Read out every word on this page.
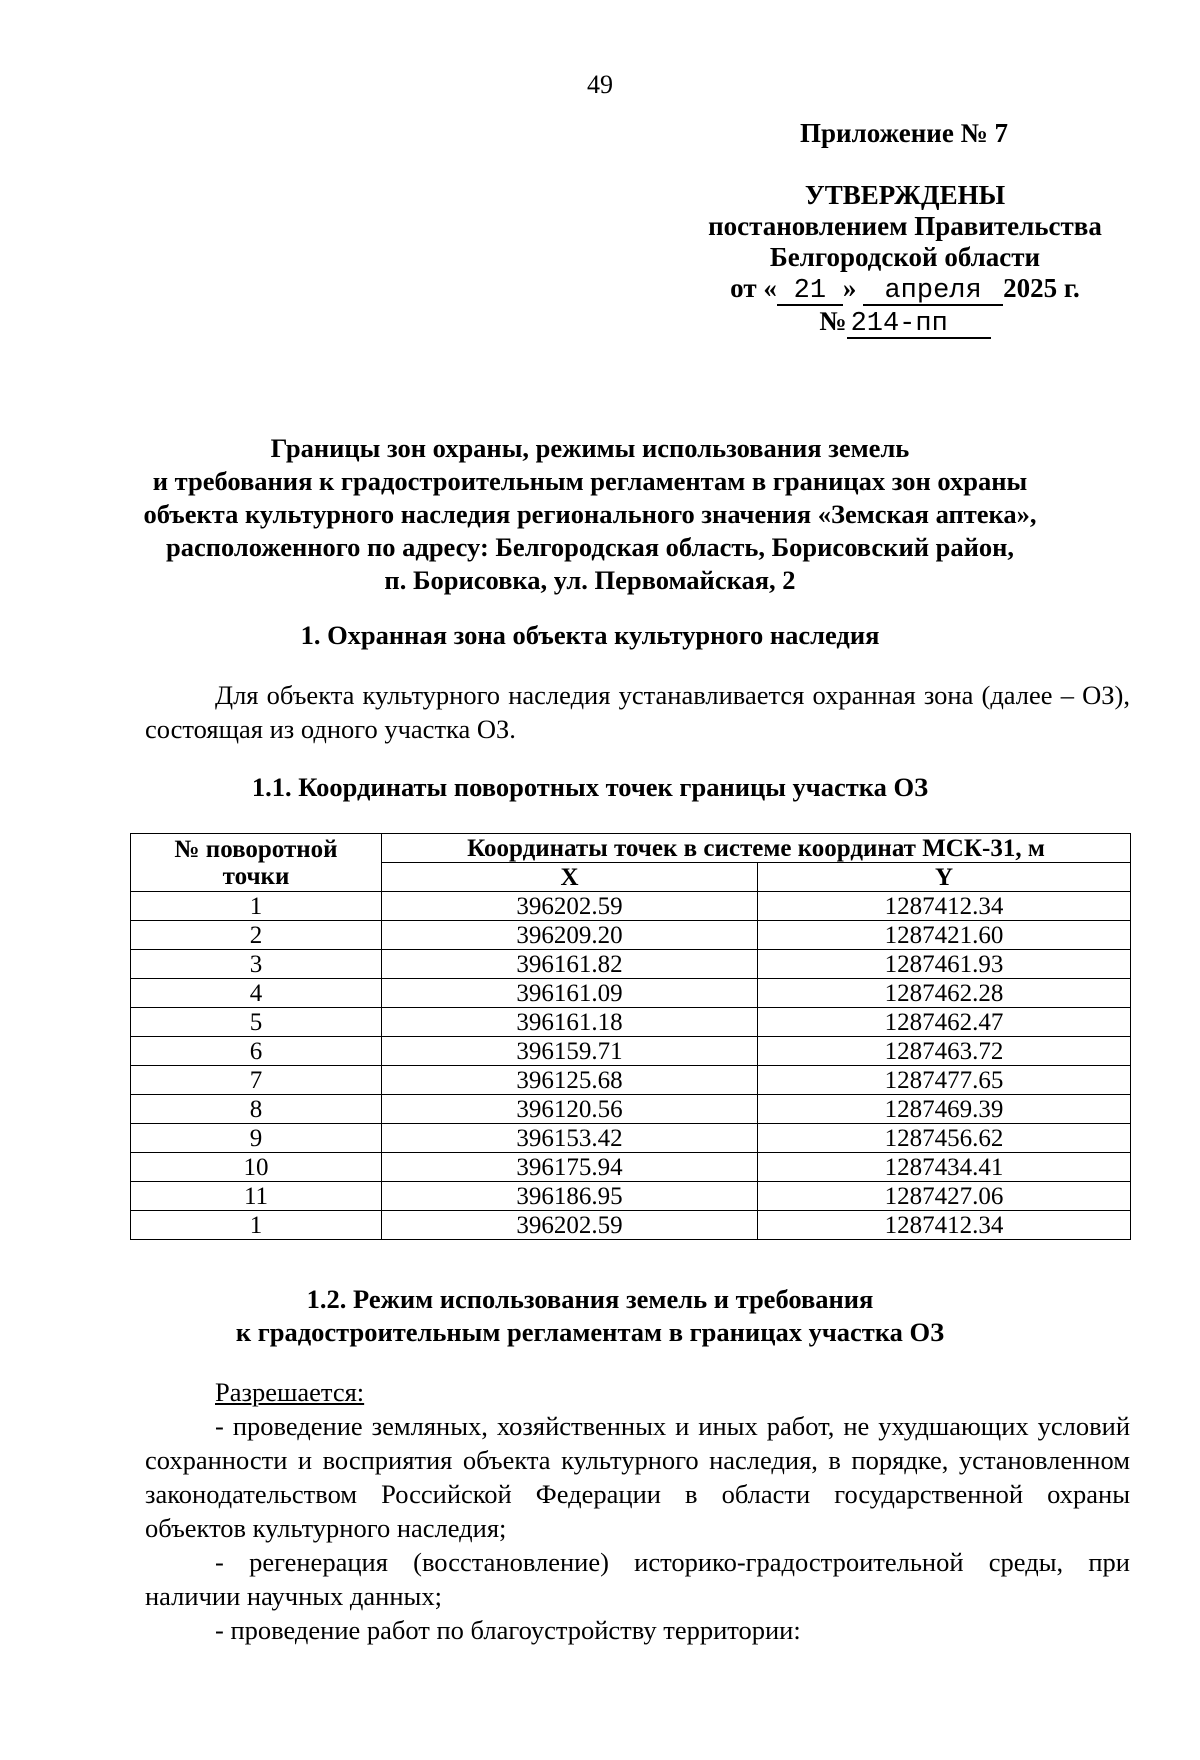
49
Приложение № 7
УТВЕРЖДЕНЫ
постановлением Правительства
Белгородской области
от « 21 » апреля 2025 г.
№ 214-пп
Границы зон охраны, режимы использования земель
и требования к градостроительным регламентам в границах зон охраны
объекта культурного наследия регионального значения «Земская аптека»,
расположенного по адресу: Белгородская область, Борисовский район,
п. Борисовка, ул. Первомайская, 2
1. Охранная зона объекта культурного наследия
Для объекта культурного наследия устанавливается охранная зона (далее – ОЗ), состоящая из одного участка ОЗ.
1.1. Координаты поворотных точек границы участка ОЗ
№ поворотной
точки	Координаты точек в системе координат МСК-31, м	
	X	Y
1	396202.59	1287412.34
2	396209.20	1287421.60
3	396161.82	1287461.93
4	396161.09	1287462.28
5	396161.18	1287462.47
6	396159.71	1287463.72
7	396125.68	1287477.65
8	396120.56	1287469.39
9	396153.42	1287456.62
10	396175.94	1287434.41
11	396186.95	1287427.06
1	396202.59	1287412.34
1.2. Режим использования земель и требования
к градостроительным регламентам в границах участка ОЗ
Разрешается:

- проведение земляных, хозяйственных и иных работ, не ухудшающих условий сохранности и восприятия объекта культурного наследия, в порядке, установленном законодательством Российской Федерации в области государственной охраны объектов культурного наследия;

- регенерация (восстановление) историко-градостроительной среды, при наличии научных данных;

- проведение работ по благоустройству территории:
